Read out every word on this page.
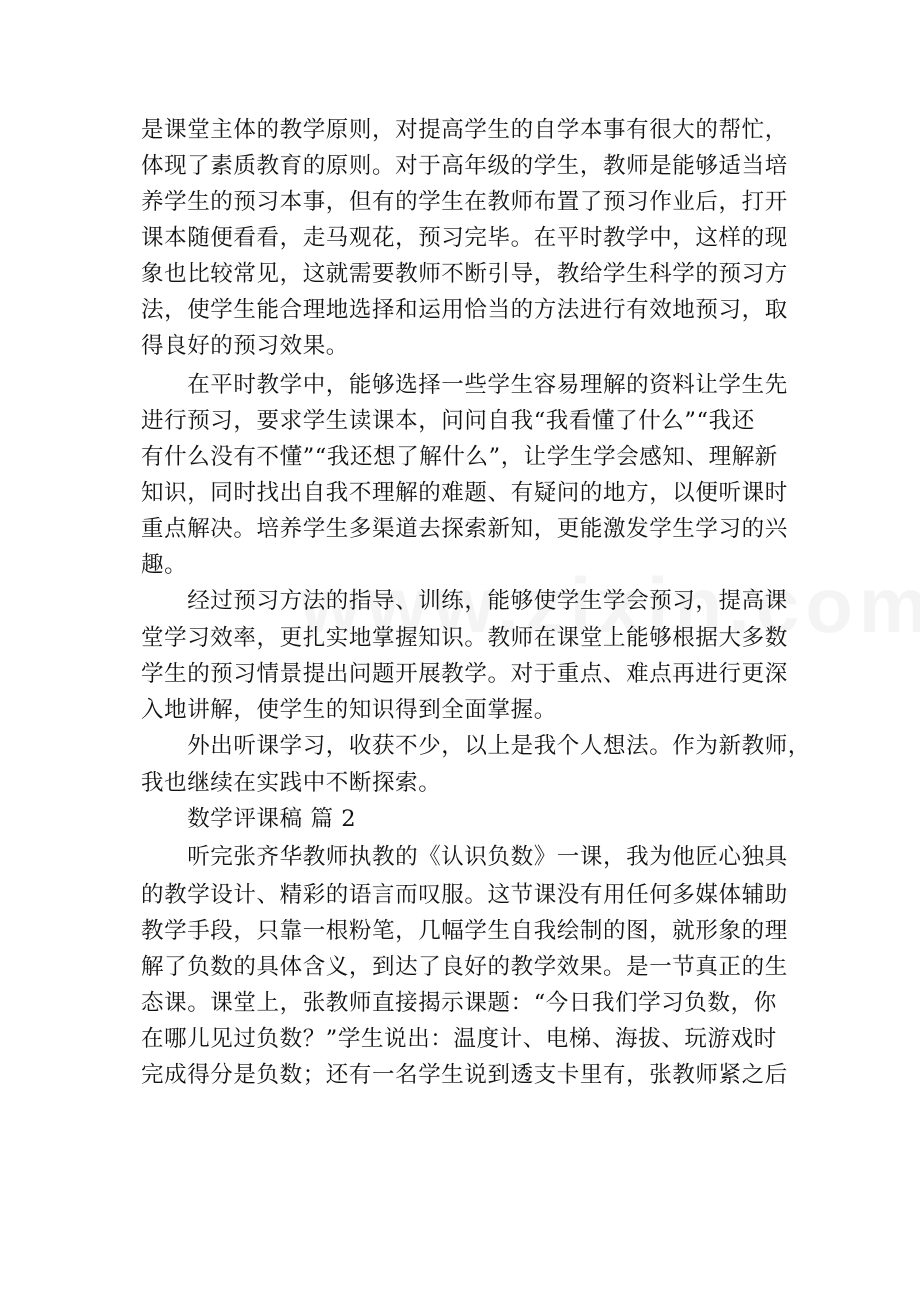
是课堂主体的教学原则，对提高学生的自学本事有很大的帮忙，
体现了素质教育的原则。对于高年级的学生，教师是能够适当培
养学生的预习本事，但有的学生在教师布置了预习作业后，打开
课本随便看看，走马观花，预习完毕。在平时教学中，这样的现
象也比较常见，这就需要教师不断引导，教给学生科学的预习方
法，使学生能合理地选择和运用恰当的方法进行有效地预习，取
得良好的预习效果。
　　在平时教学中，能够选择一些学生容易理解的资料让学生先
进行预习，要求学生读课本，问问自我“我看懂了什么”“我还
有什么没有不懂”“我还想了解什么”，让学生学会感知、理解新
知识，同时找出自我不理解的难题、有疑问的地方，以便听课时
重点解决。培养学生多渠道去探索新知，更能激发学生学习的兴
趣。
　　经过预习方法的指导、训练，能够使学生学会预习，提高课
堂学习效率，更扎实地掌握知识。教师在课堂上能够根据大多数
学生的预习情景提出问题开展教学。对于重点、难点再进行更深
入地讲解，使学生的知识得到全面掌握。
　　外出听课学习，收获不少，以上是我个人想法。作为新教师，
我也继续在实践中不断探索。
　　数学评课稿 篇 2
　　听完张齐华教师执教的《认识负数》一课，我为他匠心独具
的教学设计、精彩的语言而叹服。这节课没有用任何多媒体辅助
教学手段，只靠一根粉笔，几幅学生自我绘制的图，就形象的理
解了负数的具体含义，到达了良好的教学效果。是一节真正的生
态课。课堂上，张教师直接揭示课题：“今日我们学习负数，你
在哪儿见过负数？”学生说出：温度计、电梯、海拔、玩游戏时
完成得分是负数；还有一名学生说到透支卡里有，张教师紧之后
